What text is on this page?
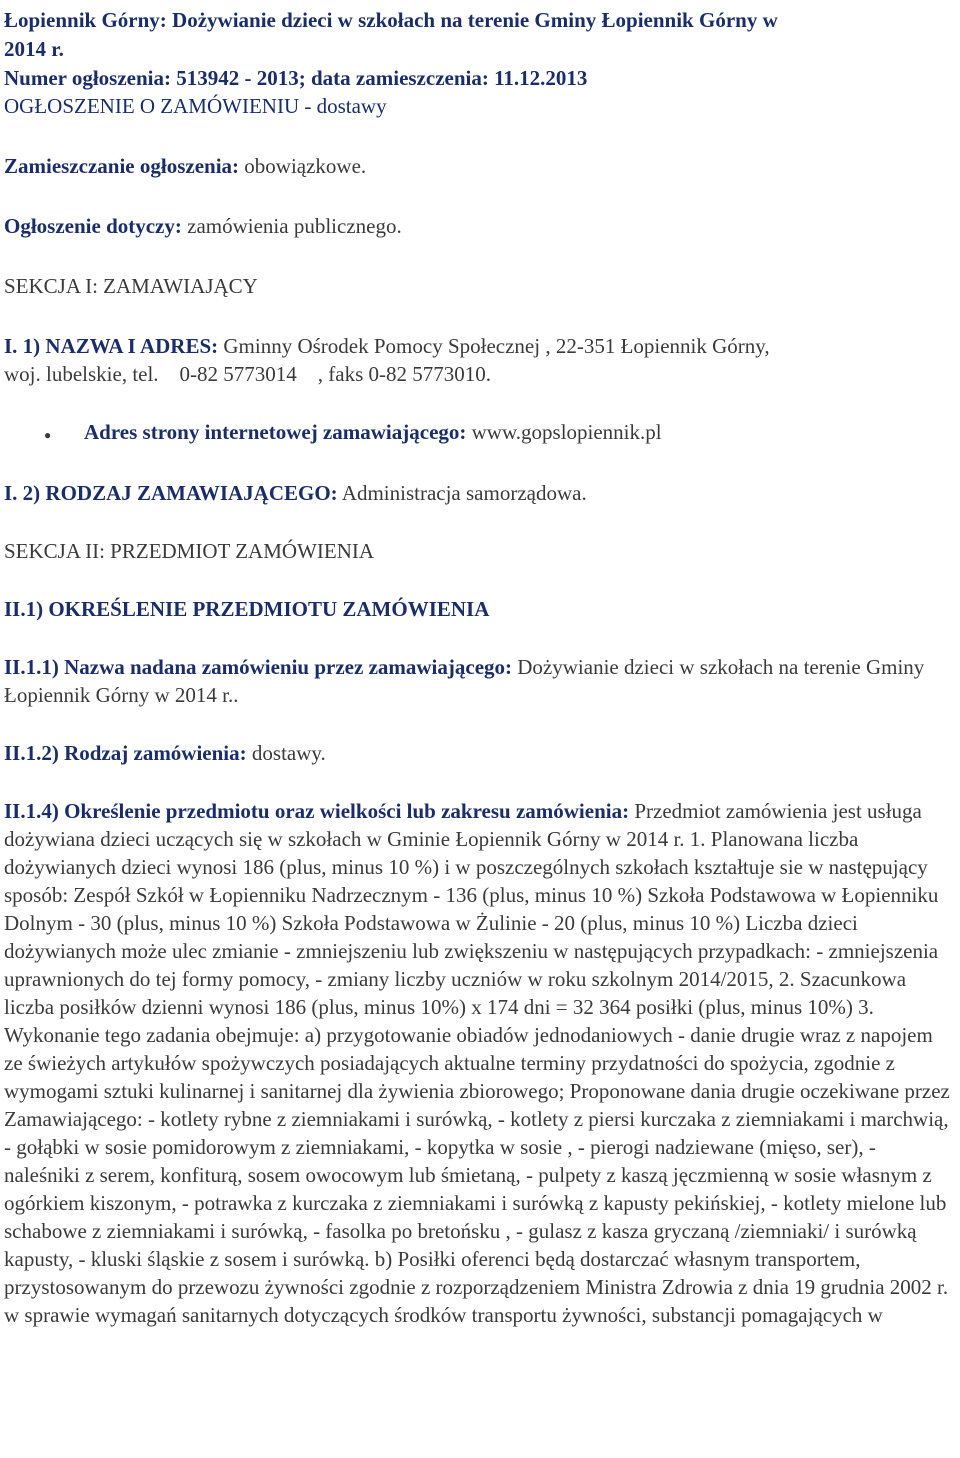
Łopiennik Górny: Dożywianie dzieci w szkołach na terenie Gminy Łopiennik Górny w

2014 r.

Numer ogłoszenia: 513942 - 2013; data zamieszczenia: 11.12.2013

OGŁOSZENIE O ZAMÓWIENIU - dostawy

Zamieszczanie ogłoszenia: obowiązkowe.

Ogłoszenie dotyczy: zamówienia publicznego.

SEKCJA I: ZAMAWIAJĄCY

I. 1) NAZWA I ADRES: Gminny Ośrodek Pomocy Społecznej , 22-351 Łopiennik Górny,
woj. lubelskie, tel.    0-82 5773014    , faks 0-82 5773010.

●	Adres strony internetowej zamawiającego: www.gopslopiennik.pl

I. 2) RODZAJ ZAMAWIAJĄCEGO: Administracja samorządowa.

SEKCJA II: PRZEDMIOT ZAMÓWIENIA

II.1) OKREŚLENIE PRZEDMIOTU ZAMÓWIENIA

II.1.1) Nazwa nadana zamówieniu przez zamawiającego: Dożywianie dzieci w szkołach na terenie Gminy Łopiennik Górny w 2014 r..

II.1.2) Rodzaj zamówienia: dostawy.

II.1.4) Określenie przedmiotu oraz wielkości lub zakresu zamówienia: Przedmiot zamówienia jest usługa dożywiana dzieci uczących się w szkołach w Gminie Łopiennik Górny w 2014 r. 1. Planowana liczba dożywianych dzieci wynosi 186 (plus, minus 10 %) i w poszczególnych szkołach kształtuje sie w następujący sposób: Zespół Szkół w Łopienniku Nadrzecznym - 136 (plus, minus 10 %) Szkoła Podstawowa w Łopienniku Dolnym - 30 (plus, minus 10 %) Szkoła Podstawowa w Żulinie - 20 (plus, minus 10 %) Liczba dzieci dożywianych może ulec zmianie - zmniejszeniu lub zwiększeniu w następujących przypadkach: - zmniejszenia uprawnionych do tej formy pomocy, - zmiany liczby uczniów w roku szkolnym 2014/2015, 2. Szacunkowa liczba posiłków dzienni wynosi 186 (plus, minus 10%) x 174 dni = 32 364 posiłki (plus, minus 10%) 3. Wykonanie tego zadania obejmuje: a) przygotowanie obiadów jednodaniowych - danie drugie wraz z napojem ze świeżych artykułów spożywczych posiadających aktualne terminy przydatności do spożycia, zgodnie z wymogami sztuki kulinarnej i sanitarnej dla żywienia zbiorowego; Proponowane dania drugie oczekiwane przez Zamawiającego: - kotlety rybne z ziemniakami i surówką, - kotlety z piersi kurczaka z ziemniakami i marchwią, - gołąbki w sosie pomidorowym z ziemniakami, - kopytka w sosie , - pierogi nadziewane (mięso, ser), - naleśniki z serem, konfiturą, sosem owocowym lub śmietaną, - pulpety z kaszą jęczmienną w sosie własnym z ogórkiem kiszonym, - potrawka z kurczaka z ziemniakami i surówką z kapusty pekińskiej, - kotlety mielone lub schabowe z ziemniakami i surówką, - fasolka po bretońsku , - gulasz z kasza gryczaną /ziemniaki/ i surówką kapusty, - kluski śląskie z sosem i surówką. b) Posiłki oferenci będą dostarczać własnym transportem, przystosowanym do przewozu żywności zgodnie z rozporządzeniem Ministra Zdrowia z dnia 19 grudnia 2002 r. w sprawie wymagań sanitarnych dotyczących środków transportu żywności, substancji pomagających w
